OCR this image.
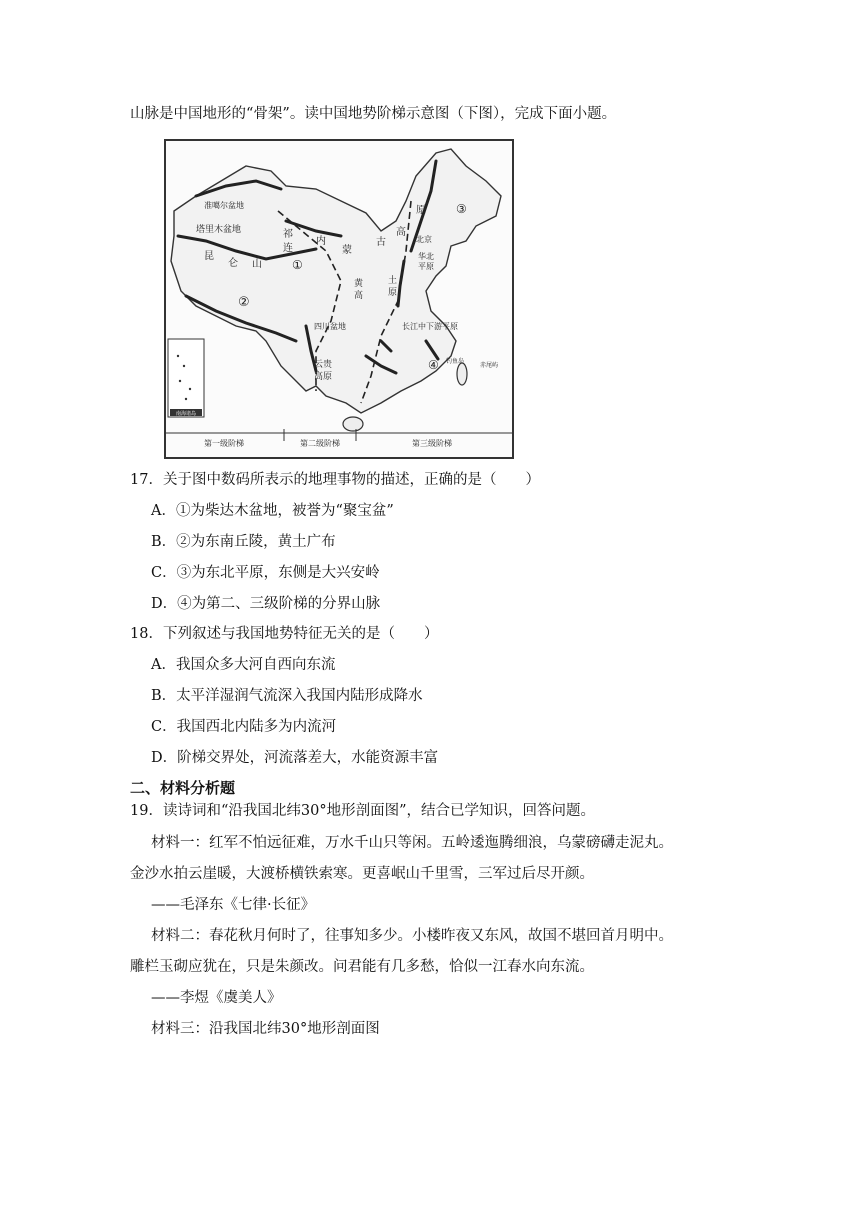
山脉是中国地形的“骨架”。读中国地势阶梯示意图（下图），完成下面小题。
南海诸岛
准噶尔盆地
塔里木盆地
昆
仑 山
祁
连
内
蒙
古
高
原
黄	土
高	原
北京
华北
平原
四川盆地
云贵
高原
长江中下游平原
钓鱼岛
赤尾屿
①
②
③
④
第一级阶梯	第二级阶梯	第三级阶梯
17．关于图中数码所表示的地理事物的描述，正确的是（　　）
A．①为柴达木盆地，被誉为“聚宝盆”
B．②为东南丘陵，黄土广布
C．③为东北平原，东侧是大兴安岭
D．④为第二、三级阶梯的分界山脉
18．下列叙述与我国地势特征无关的是（　　）
A．我国众多大河自西向东流
B．太平洋湿润气流深入我国内陆形成降水
C．我国西北内陆多为内流河
D．阶梯交界处，河流落差大，水能资源丰富
二、材料分析题
19．读诗词和“沿我国北纬30°地形剖面图”，结合已学知识，回答问题。
材料一：红军不怕远征难，万水千山只等闲。五岭逶迤腾细浪，乌蒙磅礴走泥丸。
金沙水拍云崖暖，大渡桥横铁索寒。更喜岷山千里雪，三军过后尽开颜。
——毛泽东《七律·长征》
材料二：春花秋月何时了，往事知多少。小楼昨夜又东风，故国不堪回首月明中。
雕栏玉砌应犹在，只是朱颜改。问君能有几多愁，恰似一江春水向东流。
——李煜《虞美人》
材料三：沿我国北纬30°地形剖面图
